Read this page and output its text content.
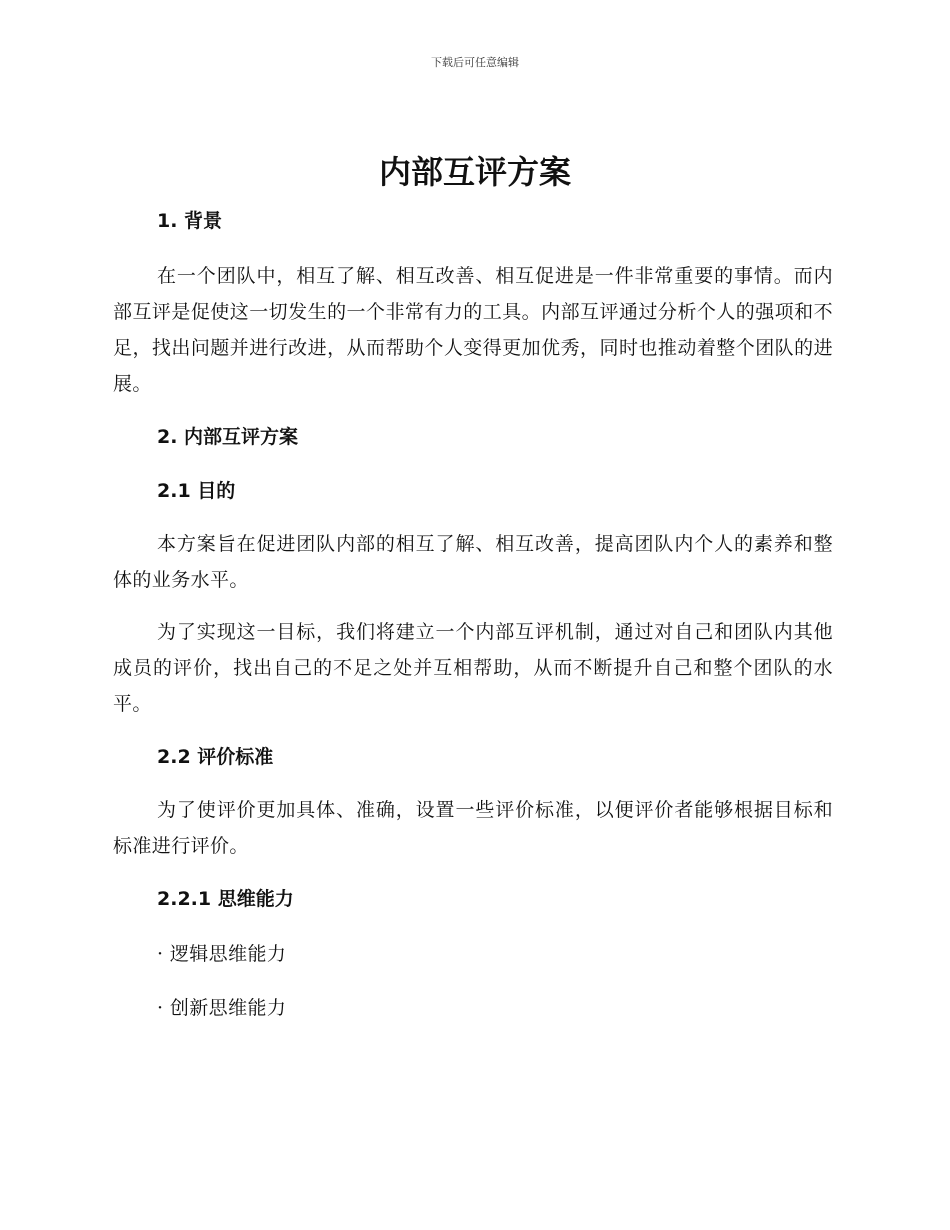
下载后可任意编辑
内部互评方案
1. 背景

在一个团队中，相互了解、相互改善、相互促进是一件非常重要的事情。而内部互评是促使这一切发生的一个非常有力的工具。内部互评通过分析个人的强项和不足，找出问题并进行改进，从而帮助个人变得更加优秀，同时也推动着整个团队的进展。

2. 内部互评方案
2.1 目的

本方案旨在促进团队内部的相互了解、相互改善，提高团队内个人的素养和整体的业务水平。

为了实现这一目标，我们将建立一个内部互评机制，通过对自己和团队内其他成员的评价，找出自己的不足之处并互相帮助，从而不断提升自己和整个团队的水平。

2.2 评价标准

为了使评价更加具体、准确，设置一些评价标准，以便评价者能够根据目标和标准进行评价。

2.2.1 思维能力
· 逻辑思维能力
· 创新思维能力
